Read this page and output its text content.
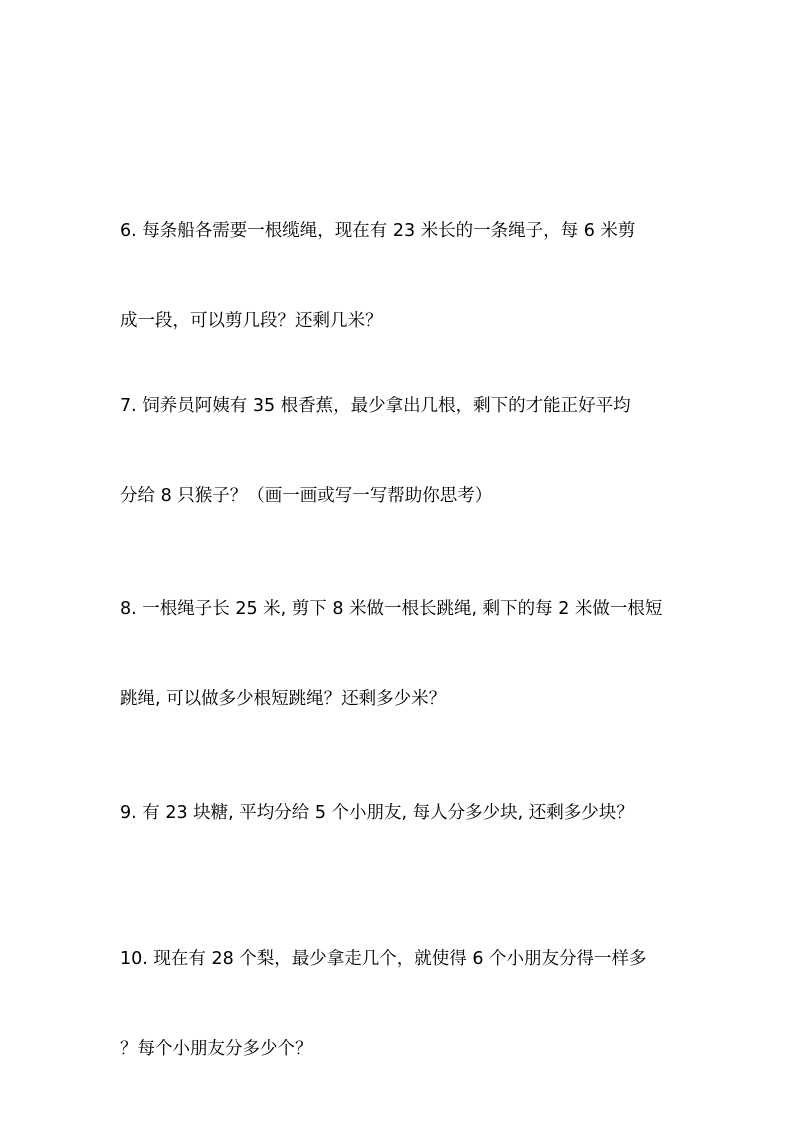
6. 每条船各需要一根缆绳，现在有 23 米长的一条绳子，每 6 米剪

成一段，可以剪几段？还剩几米？

7. 饲养员阿姨有 35 根香蕉，最少拿出几根，剩下的才能正好平均

分给 8 只猴子？（画一画或写一写帮助你思考）

8. 一根绳子长 25 米, 剪下 8 米做一根长跳绳, 剩下的每 2 米做一根短

跳绳, 可以做多少根短跳绳？还剩多少米？

9. 有 23 块糖, 平均分给 5 个小朋友, 每人分多少块, 还剩多少块？

10. 现在有 28 个梨，最少拿走几个，就使得 6 个小朋友分得一样多

？每个小朋友分多少个？
